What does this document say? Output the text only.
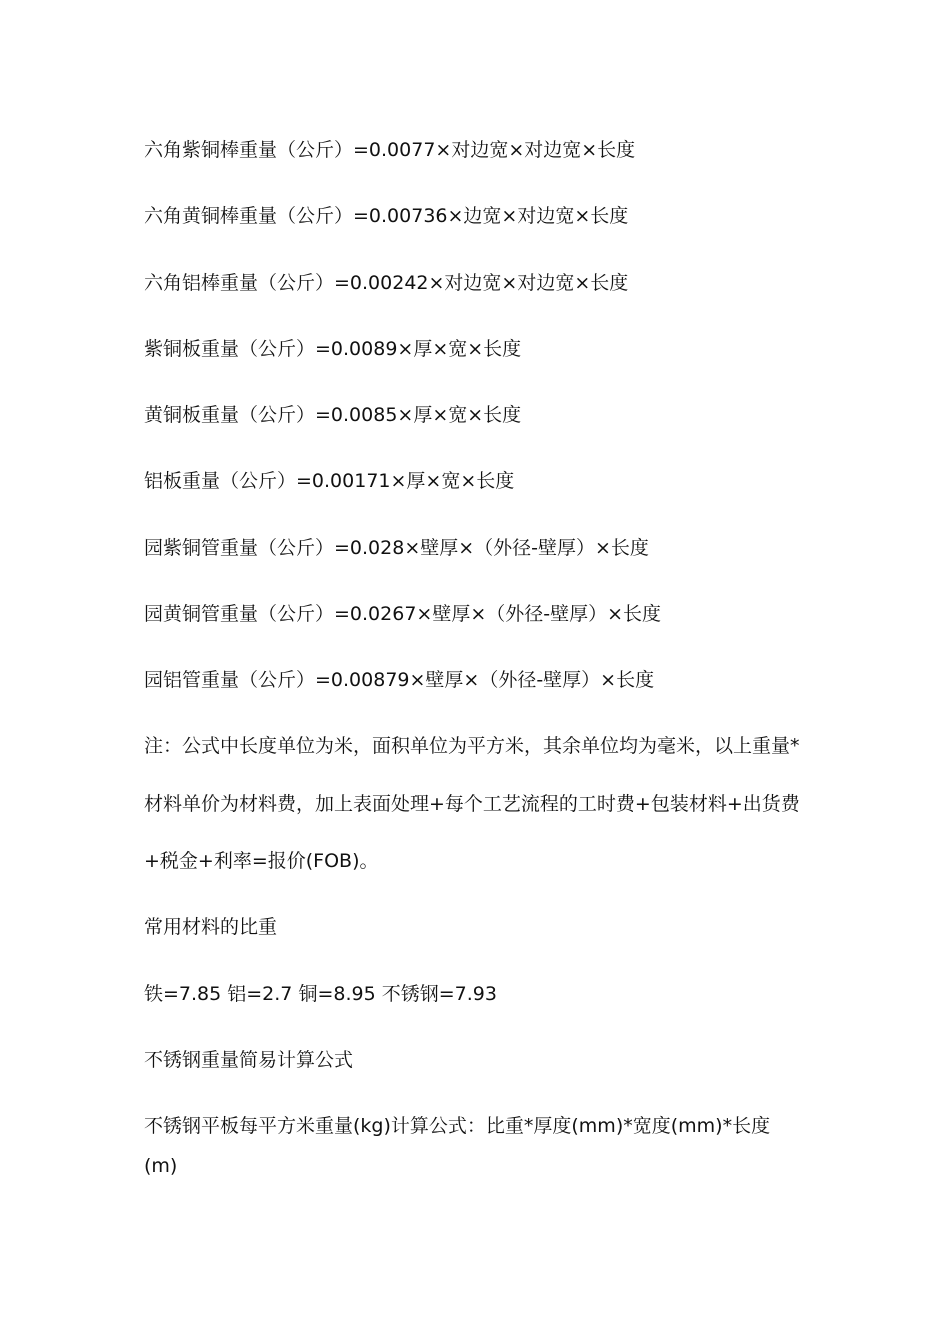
六角紫铜棒重量（公斤）=0.0077×对边宽×对边宽×长度
六角黄铜棒重量（公斤）=0.00736×边宽×对边宽×长度
六角铝棒重量（公斤）=0.00242×对边宽×对边宽×长度
紫铜板重量（公斤）=0.0089×厚×宽×长度
黄铜板重量（公斤）=0.0085×厚×宽×长度
铝板重量（公斤）=0.00171×厚×宽×长度
园紫铜管重量（公斤）=0.028×壁厚×（外径-壁厚）×长度
园黄铜管重量（公斤）=0.0267×壁厚×（外径-壁厚）×长度
园铝管重量（公斤）=0.00879×壁厚×（外径-壁厚）×长度
注：公式中长度单位为米，面积单位为平方米，其余单位均为毫米，以上重量*
材料单价为材料费，加上表面处理+每个工艺流程的工时费+包装材料+出货费
+税金+利率=报价(FOB)。
常用材料的比重
铁=7.85 铝=2.7 铜=8.95 不锈钢=7.93
不锈钢重量简易计算公式
不锈钢平板每平方米重量(kg)计算公式：比重*厚度(mm)*宽度(mm)*长度
(m)
